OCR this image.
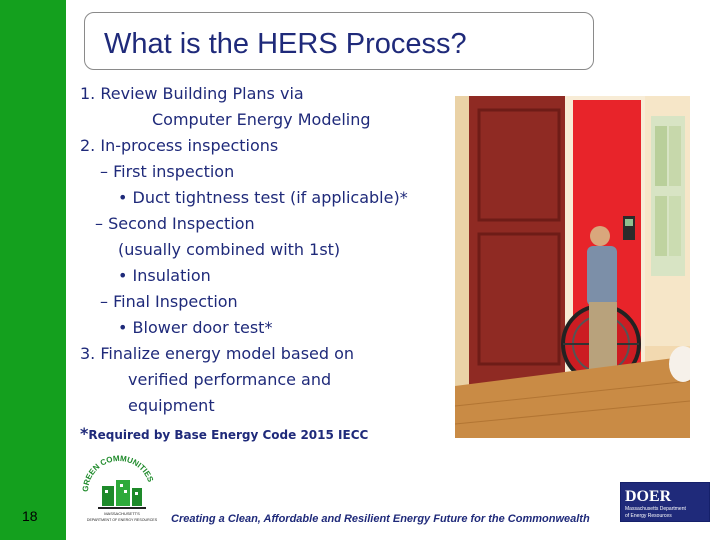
What is the HERS Process?
1. Review Building Plans via
Computer Energy Modeling
2. In-process inspections
– First inspection
• Duct tightness test (if applicable)*
– Second Inspection
(usually combined with 1st)
• Insulation
– Final Inspection
• Blower door test*
3. Finalize energy model based on
verified performance and
equipment
*Required by Base Energy Code 2015 IECC
GREEN COMMUNITIES
MASSACHUSETTS
DEPARTMENT OF ENERGY RESOURCES
18	Creating a Clean, Affordable and Resilient Energy Future for the Commonwealth
DOER
Massachusetts Department
of Energy Resources
